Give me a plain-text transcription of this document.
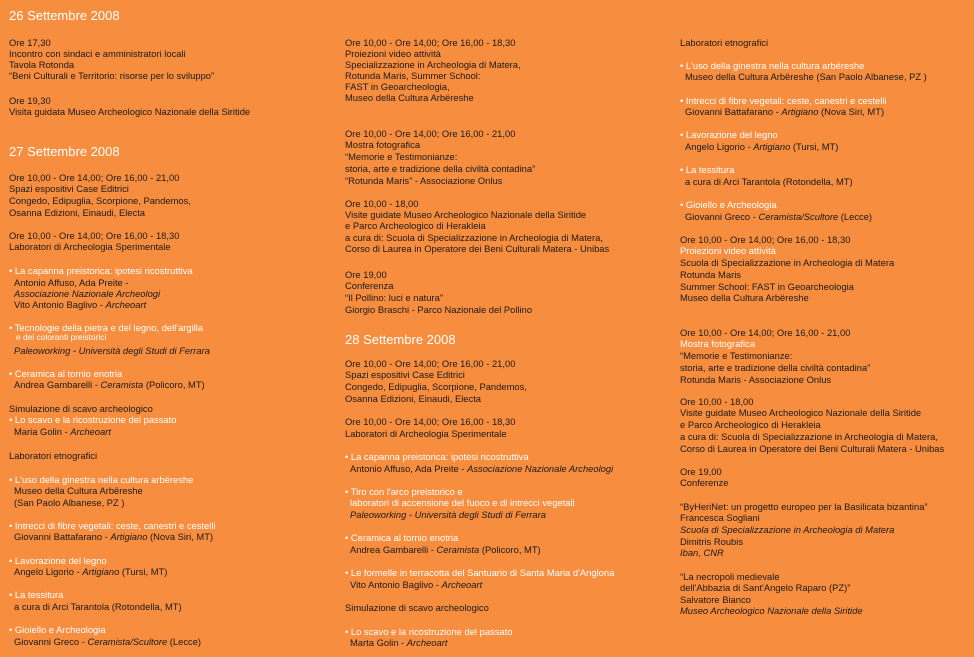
26 Settembre 2008
Ore 17,30
Incontro con sindaci e amministratori locali
Tavola Rotonda
“Beni Culturali e Territorio: risorse per lo sviluppo”
Ore 19,30
Visita guidata Museo Archeologico Nazionale della Siritide
27 Settembre 2008
Ore 10,00 - Ore 14,00; Ore 16,00 - 21,00
Spazi espositivi Case Editrici
Congedo, Edipuglia, Scorpione, Pandemos,
Osanna Edizioni, Einaudi, Electa
Ore 10,00 - Ore 14,00; Ore 16,00 - 18,30
Laboratori di Archeologia Sperimentale
• La capanna preistorica: ipotesi ricostruttiva
Antonio Affuso, Ada Preite -
Associazione Nazionale Archeologi
Vito Antonio Baglivo - Archeoart
• Tecnologie della pietra e del legno, dell'argilla
e dei coloranti preistorici
Paleoworking - Università degli Studi di Ferrara
• Ceramica al tornio enotria
Andrea Gambarelli - Ceramista (Policoro, MT)
Simulazione di scavo archeologico
• Lo scavo e la ricostruzione del passato
Maria Golin - Archeoart
Laboratori etnografici
• L'uso della ginestra nella cultura arbëreshe
Museo della Cultura Arbëreshe
(San Paolo Albanese, PZ )
• Intrecci di fibre vegetali: ceste, canestri e cestelli
Giovanni Battafarano - Artigiano (Nova Siri, MT)
• Lavorazione del legno
Angelo Ligorio - Artigiano (Tursi, MT)
• La tessitura
a cura di Arci Tarantola (Rotondella, MT)
• Gioiello e Archeologia
Giovanni Greco - Ceramista/Scultore (Lecce)
Ore 10,00 - Ore 14,00; Ore 16,00 - 18,30
Proiezioni video attività
Specializzazione in Archeologia di Matera,
Rotunda Maris, Summer School:
FAST in Geoarcheologia,
Museo della Cultura Arbëreshe
Ore 10,00 - Ore 14,00; Ore 16,00 - 21,00
Mostra fotografica
“Memorie e Testimonianze:
storia, arte e tradizione della civiltà contadina”
“Rotunda Maris” - Associazione Onlus
Ore 10,00 - 18,00
Visite guidate Museo Archeologico Nazionale della Siritide
e Parco Archeologico di Herakleia
a cura di: Scuola di Specializzazione in Archeologia di Matera,
Corso di Laurea in Operatore dei Beni Culturali Matera - Unibas
Ore 19,00
Conferenza
“Il Pollino: luci e natura”
Giorgio Braschi - Parco Nazionale del Pollino
28 Settembre 2008
Ore 10,00 - Ore 14,00; Ore 16,00 - 21,00
Spazi espositivi Case Editrici
Congedo, Edipuglia, Scorpione, Pandemos,
Osanna Edizioni, Einaudi, Electa
Ore 10,00 - Ore 14,00; Ore 16,00 - 18,30
Laboratori di Archeologia Sperimentale
• La capanna preistorica: ipotesi ricostruttiva
Antonio Affuso, Ada Preite - Associazione Nazionale Archeologi
• Tiro con l'arco preistorico e
laboratori di accensione del fuoco e di intrecci vegetali
Paleoworking - Università degli Studi di Ferrara
• Ceramica al tornio enotria
Andrea Gambarelli - Ceramista (Policoro, MT)
• Le formelle in terracotta del Santuario di Santa Maria d'Anglona
Vito Antonio Baglivo - Archeoart
Simulazione di scavo archeologico
• Lo scavo e la ricostruzione del passato
Marta Golin - Archeoart
Laboratori etnografici
• L'uso della ginestra nella cultura arbëreshe
Museo della Cultura Arbëreshe (San Paolo Albanese, PZ )
• Intrecci di fibre vegetali: ceste, canestri e cestelli
Giovanni Battafarano - Artigiano (Nova Siri, MT)
• Lavorazione del legno
Angelo Ligorio - Artigiano (Tursi, MT)
• La tessitura
a cura di Arci Tarantola (Rotondella, MT)
• Gioiello e Archeologia
Giovanni Greco - Ceramista/Scultore (Lecce)
Ore 10,00 - Ore 14,00; Ore 16,00 - 18,30
Proiezioni video attività
Scuola di Specializzazione in Archeologia di Matera
Rotunda Maris
Summer School: FAST in Geoarcheologia
Museo della Cultura Arbëreshe
Ore 10,00 - Ore 14,00; Ore 16,00 - 21,00
Mostra fotografica
“Memorie e Testimonianze:
storia, arte e tradizione della civiltà contadina”
Rotunda Maris - Associazione Onlus
Ore 10,00 - 18,00
Visite guidate Museo Archeologico Nazionale della Siritide
e Parco Archeologico di Herakleia
a cura di: Scuola di Specializzazione in Archeologia di Matera,
Corso di Laurea in Operatore dei Beni Culturali Matera - Unibas
Ore 19,00
Conferenze
“ByHeriNet: un progetto europeo per la Basilicata bizantina”
Francesca Sogliani
Scuola di Specializzazione in Archeologia di Matera
Dimitris Roubis
Iban, CNR
“La necropoli medievale
dell'Abbazia di Sant'Angelo Raparo (PZ)”
Salvatore Bianco
Museo Archeologico Nazionale della Siritide
